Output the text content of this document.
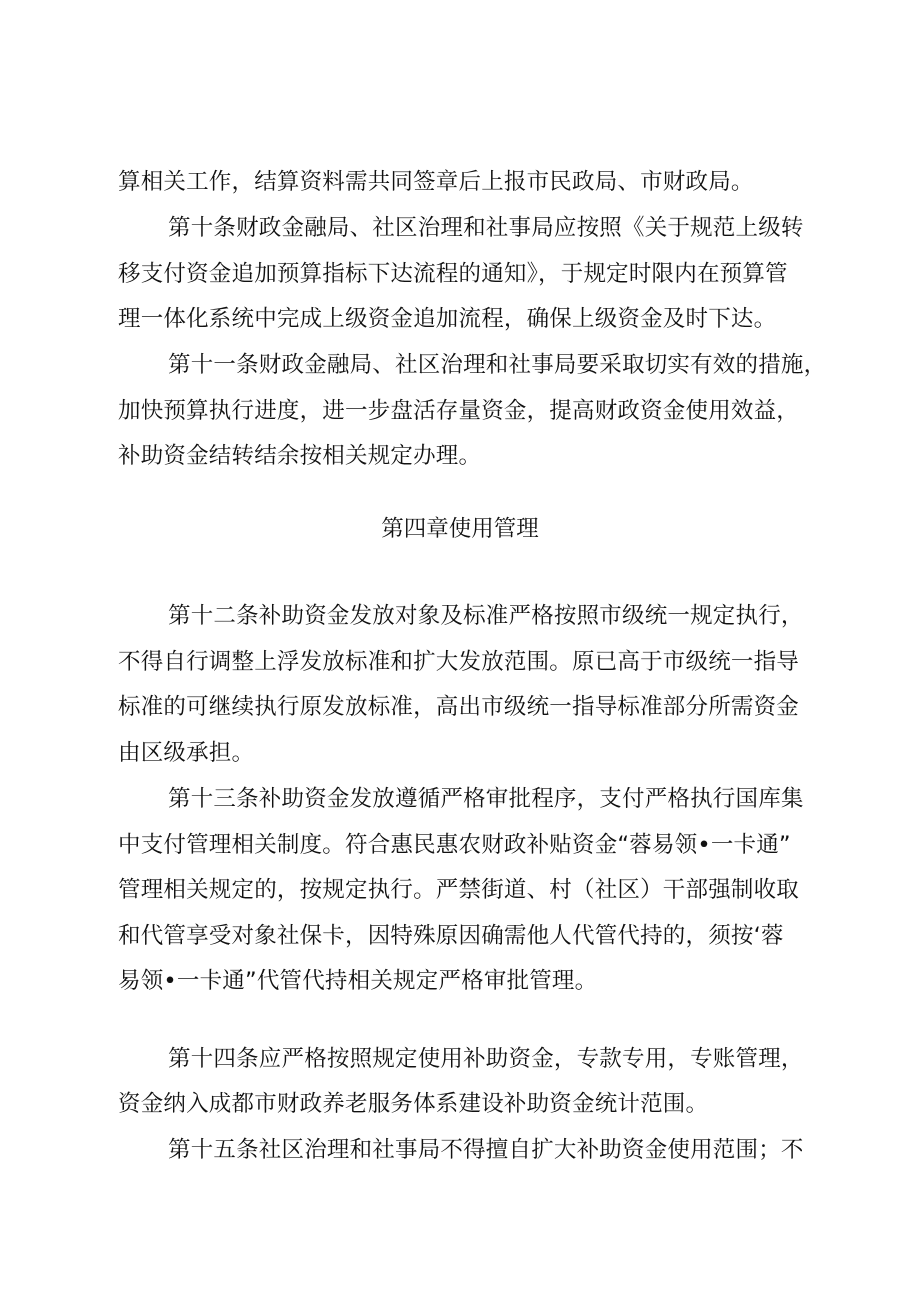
算相关工作，结算资料需共同签章后上报市民政局、市财政局。
第十条财政金融局、社区治理和社事局应按照《关于规范上级转
移支付资金追加预算指标下达流程的通知》，于规定时限内在预算管
理一体化系统中完成上级资金追加流程，确保上级资金及时下达。
第十一条财政金融局、社区治理和社事局要采取切实有效的措施，
加快预算执行进度，进一步盘活存量资金，提高财政资金使用效益，
补助资金结转结余按相关规定办理。
第四章使用管理
第十二条补助资金发放对象及标准严格按照市级统一规定执行，
不得自行调整上浮发放标准和扩大发放范围。原已高于市级统一指导
标准的可继续执行原发放标准，高出市级统一指导标准部分所需资金
由区级承担。
第十三条补助资金发放遵循严格审批程序，支付严格执行国库集
中支付管理相关制度。符合惠民惠农财政补贴资金“蓉易领•一卡通”
管理相关规定的，按规定执行。严禁街道、村（社区）干部强制收取
和代管享受对象社保卡，因特殊原因确需他人代管代持的，须按‘蓉
易领•一卡通”代管代持相关规定严格审批管理。
第十四条应严格按照规定使用补助资金，专款专用，专账管理，
资金纳入成都市财政养老服务体系建设补助资金统计范围。
第十五条社区治理和社事局不得擅自扩大补助资金使用范围；不
